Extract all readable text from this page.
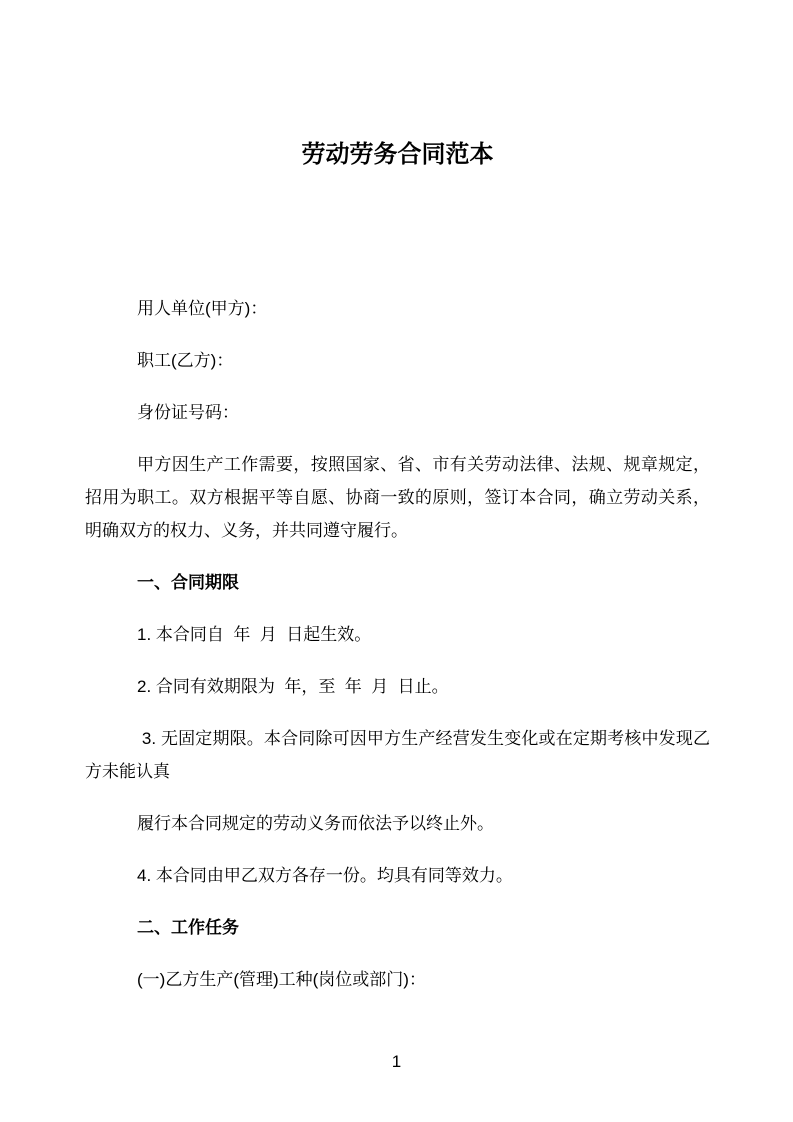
劳动劳务合同范本

用人单位(甲方)：

职工(乙方)：

身份证号码：

甲方因生产工作需要，按照国家、省、市有关劳动法律、法规、规章规定，招用为职工。双方根据平等自愿、协商一致的原则，签订本合同，确立劳动关系，明确双方的权力、义务，并共同遵守履行。

一、合同期限

1. 本合同自  年  月  日起生效。

2. 合同有效期限为  年，至  年  月  日止。

3. 无固定期限。本合同除可因甲方生产经营发生变化或在定期考核中发现乙方未能认真

履行本合同规定的劳动义务而依法予以终止外。

4. 本合同由甲乙双方各存一份。均具有同等效力。

二、工作任务

(一)乙方生产(管理)工种(岗位或部门)：

1
